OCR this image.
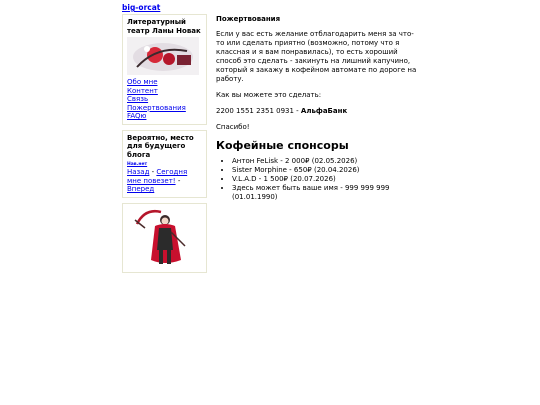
big-orcat
Литературный театр Ланы Новак
Обо мне
Контент
Связь
Пожертвования
FAQю
Вероятно, место для будущего блога
Нав.нет
Назад - Сегодня мне повезет! - Вперед

Пожертвования

Если у вас есть желание отблагодарить меня за что-то или сделать приятно (возможно, потому что я классная и я вам понравилась), то есть хороший способ это сделать - закинуть на лишний капучино, который я закажу в кофейном автомате по дороге на работу.

Как вы можете это сделать:

2200 1551 2351 0931 - АльфаБанк

Спасибо!

Кофейные спонсоры
• Антон FeLisk - 2 000₽ (02.05.2026)
• Sister Morphine - 650₽ (20.04.2026)
• V.L.A.D - 1 500₽ (20.07.2026)
• Здесь может быть ваше имя - 999 999 999 (01.01.1990)
